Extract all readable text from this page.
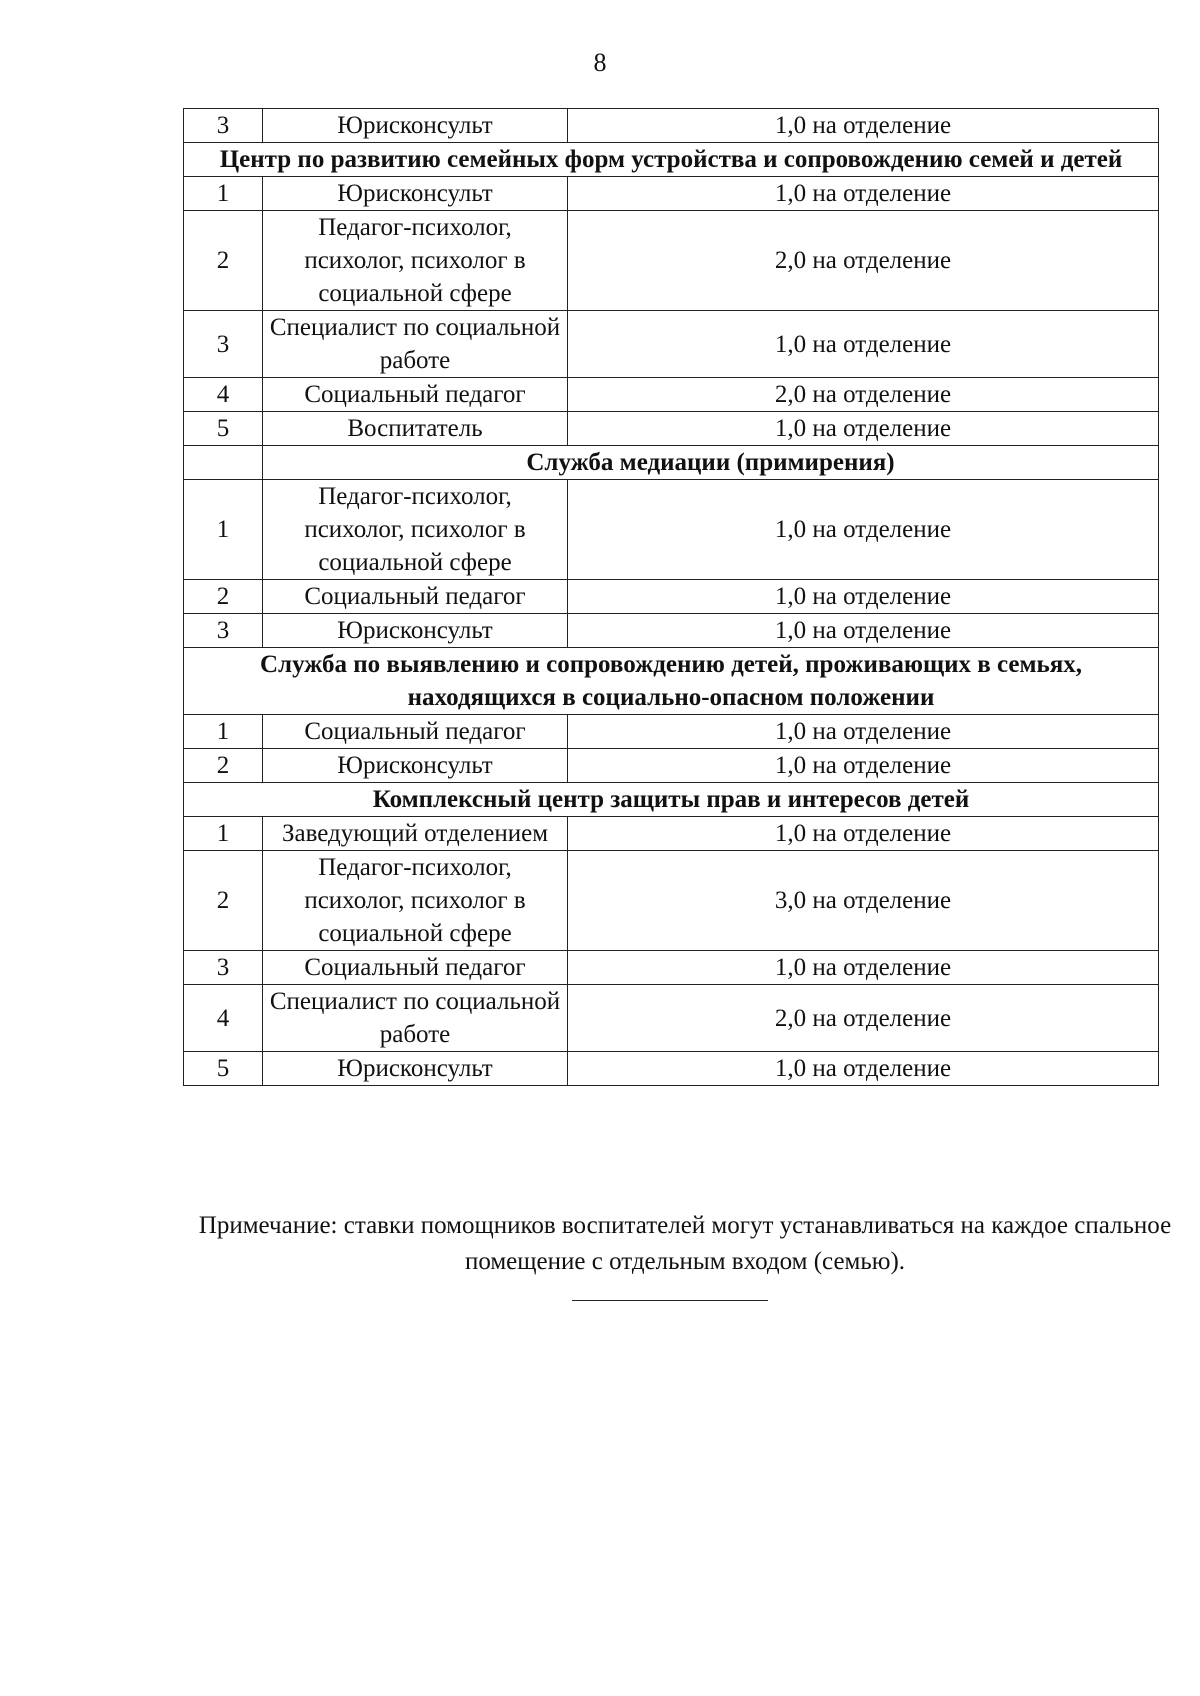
8
3	Юрисконсульт	1,0 на отделение
Центр по развитию семейных форм устройства и сопровождению семей и детей		
1	Юрисконсульт	1,0 на отделение
2	Педагог-психолог, психолог, психолог в социальной сфере	2,0 на отделение
3	Специалист по социальной работе	1,0 на отделение
4	Социальный педагог	2,0 на отделение
5	Воспитатель	1,0 на отделение
	Служба медиации (примирения)	
1	Педагог-психолог, психолог, психолог в социальной сфере	1,0 на отделение
2	Социальный педагог	1,0 на отделение
3	Юрисконсульт	1,0 на отделение
Служба по выявлению и сопровождению детей, проживающих в семьях, находящихся в социально-опасном положении		
1	Социальный педагог	1,0 на отделение
2	Юрисконсульт	1,0 на отделение
Комплексный центр защиты прав и интересов детей		
1	Заведующий отделением	1,0 на отделение
2	Педагог-психолог, психолог, психолог в социальной сфере	3,0 на отделение
3	Социальный педагог	1,0 на отделение
4	Специалист по социальной работе	2,0 на отделение
5	Юрисконсульт	1,0 на отделение
Примечание: ставки помощников воспитателей могут устанавливаться на каждое спальное помещение с отдельным входом (семью).
